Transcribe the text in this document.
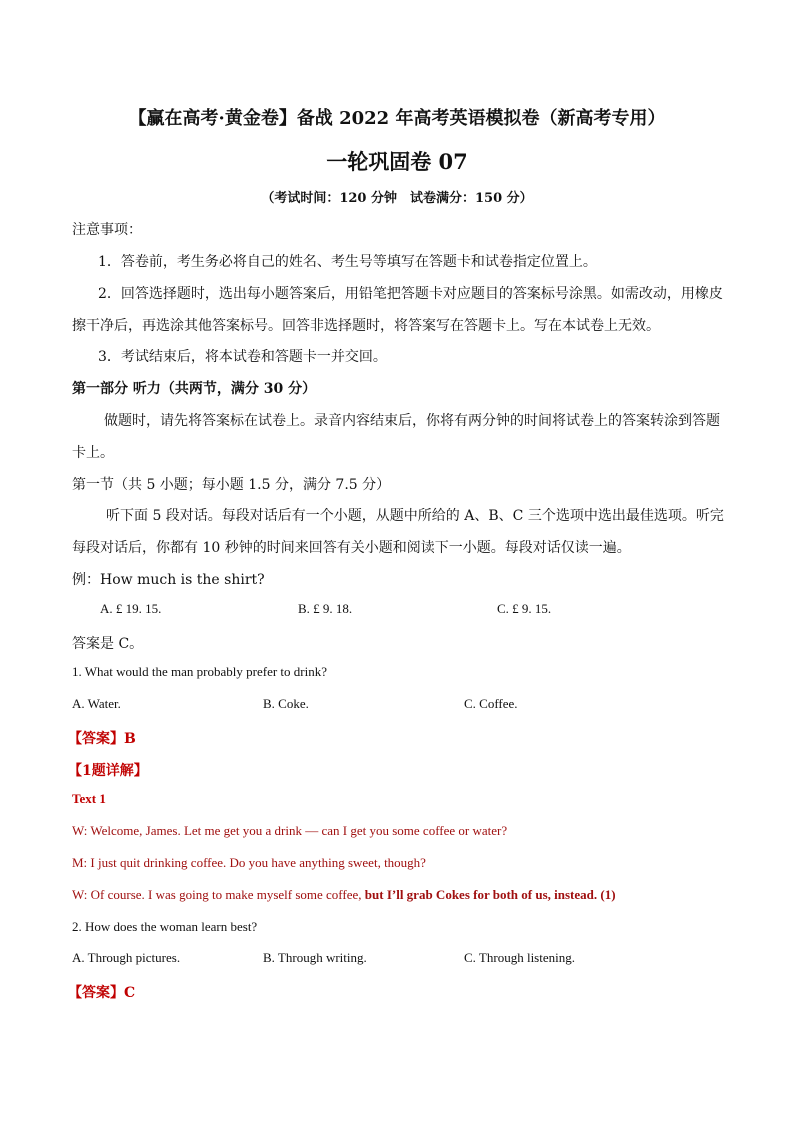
【赢在高考·黄金卷】备战 2022 年高考英语模拟卷（新高考专用）
一轮巩固卷 07
（考试时间：120 分钟　试卷满分：150 分）
注意事项：
1．答卷前，考生务必将自己的姓名、考生号等填写在答题卡和试卷指定位置上。
2．回答选择题时，选出每小题答案后，用铅笔把答题卡对应题目的答案标号涂黑。如需改动，用橡皮
擦干净后，再选涂其他答案标号。回答非选择题时，将答案写在答题卡上。写在本试卷上无效。
3．考试结束后，将本试卷和答题卡一并交回。
第一部分 听力（共两节，满分 30 分）
做题时，请先将答案标在试卷上。录音内容结束后，你将有两分钟的时间将试卷上的答案转涂到答题
卡上。
第一节（共 5 小题；每小题 1.5 分，满分 7.5 分）
听下面 5 段对话。每段对话后有一个小题，从题中所给的 A、B、C 三个选项中选出最佳选项。听完
每段对话后，你都有 10 秒钟的时间来回答有关小题和阅读下一小题。每段对话仅读一遍。
例：How much is the shirt?
A. £ 19. 15.	B. £ 9. 18.	C. £ 9. 15.
答案是 C。
1. What would the man probably prefer to drink?
A. Water.	B. Coke.	C. Coffee.
【答案】B
【1题详解】
Text 1
W: Welcome, James. Let me get you a drink — can I get you some coffee or water?
M: I just quit drinking coffee. Do you have anything sweet, though?
W: Of course. I was going to make myself some coffee, but I’ll grab Cokes for both of us, instead. (1)
2. How does the woman learn best?
A. Through pictures.	B. Through writing.	C. Through listening.
【答案】C
